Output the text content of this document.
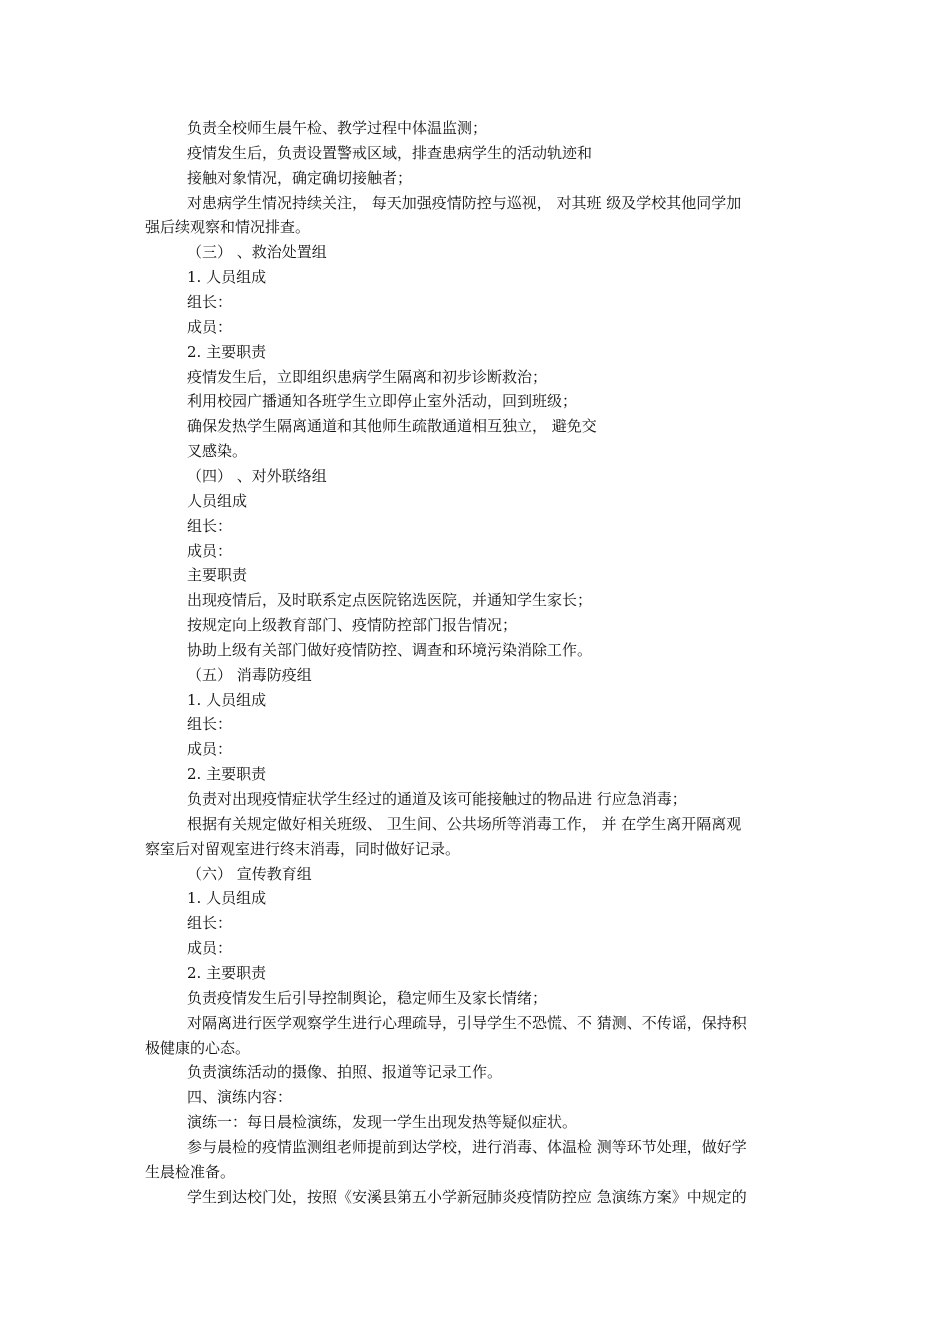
负责全校师生晨午检、教学过程中体温监测；
疫情发生后，负责设置警戒区域，排查患病学生的活动轨迹和
接触对象情况，确定确切接触者；
对患病学生情况持续关注， 每天加强疫情防控与巡视， 对其班 级及学校其他同学加
强后续观察和情况排查。
（三） 、救治处置组
1. 人员组成
组长：
成员：
2. 主要职责
疫情发生后，立即组织患病学生隔离和初步诊断救治；
利用校园广播通知各班学生立即停止室外活动，回到班级；
确保发热学生隔离通道和其他师生疏散通道相互独立， 避免交
叉感染。
（四） 、对外联络组
人员组成
组长：
成员：
主要职责
出现疫情后，及时联系定点医院铭选医院，并通知学生家长；
按规定向上级教育部门、疫情防控部门报告情况；
协助上级有关部门做好疫情防控、调查和环境污染消除工作。
（五） 消毒防疫组
1. 人员组成
组长：
成员：
2. 主要职责
负责对出现疫情症状学生经过的通道及该可能接触过的物品进 行应急消毒；
根据有关规定做好相关班级、 卫生间、公共场所等消毒工作， 并 在学生离开隔离观
察室后对留观室进行终末消毒，同时做好记录。
（六） 宣传教育组
1. 人员组成
组长：
成员：
2. 主要职责
负责疫情发生后引导控制舆论，稳定师生及家长情绪；
对隔离进行医学观察学生进行心理疏导，引导学生不恐慌、不 猜测、不传谣，保持积
极健康的心态。
负责演练活动的摄像、拍照、报道等记录工作。
四、演练内容：
演练一：每日晨检演练，发现一学生出现发热等疑似症状。
参与晨检的疫情监测组老师提前到达学校，进行消毒、体温检 测等环节处理，做好学
生晨检准备。
学生到达校门处，按照《安溪县第五小学新冠肺炎疫情防控应 急演练方案》中规定的
